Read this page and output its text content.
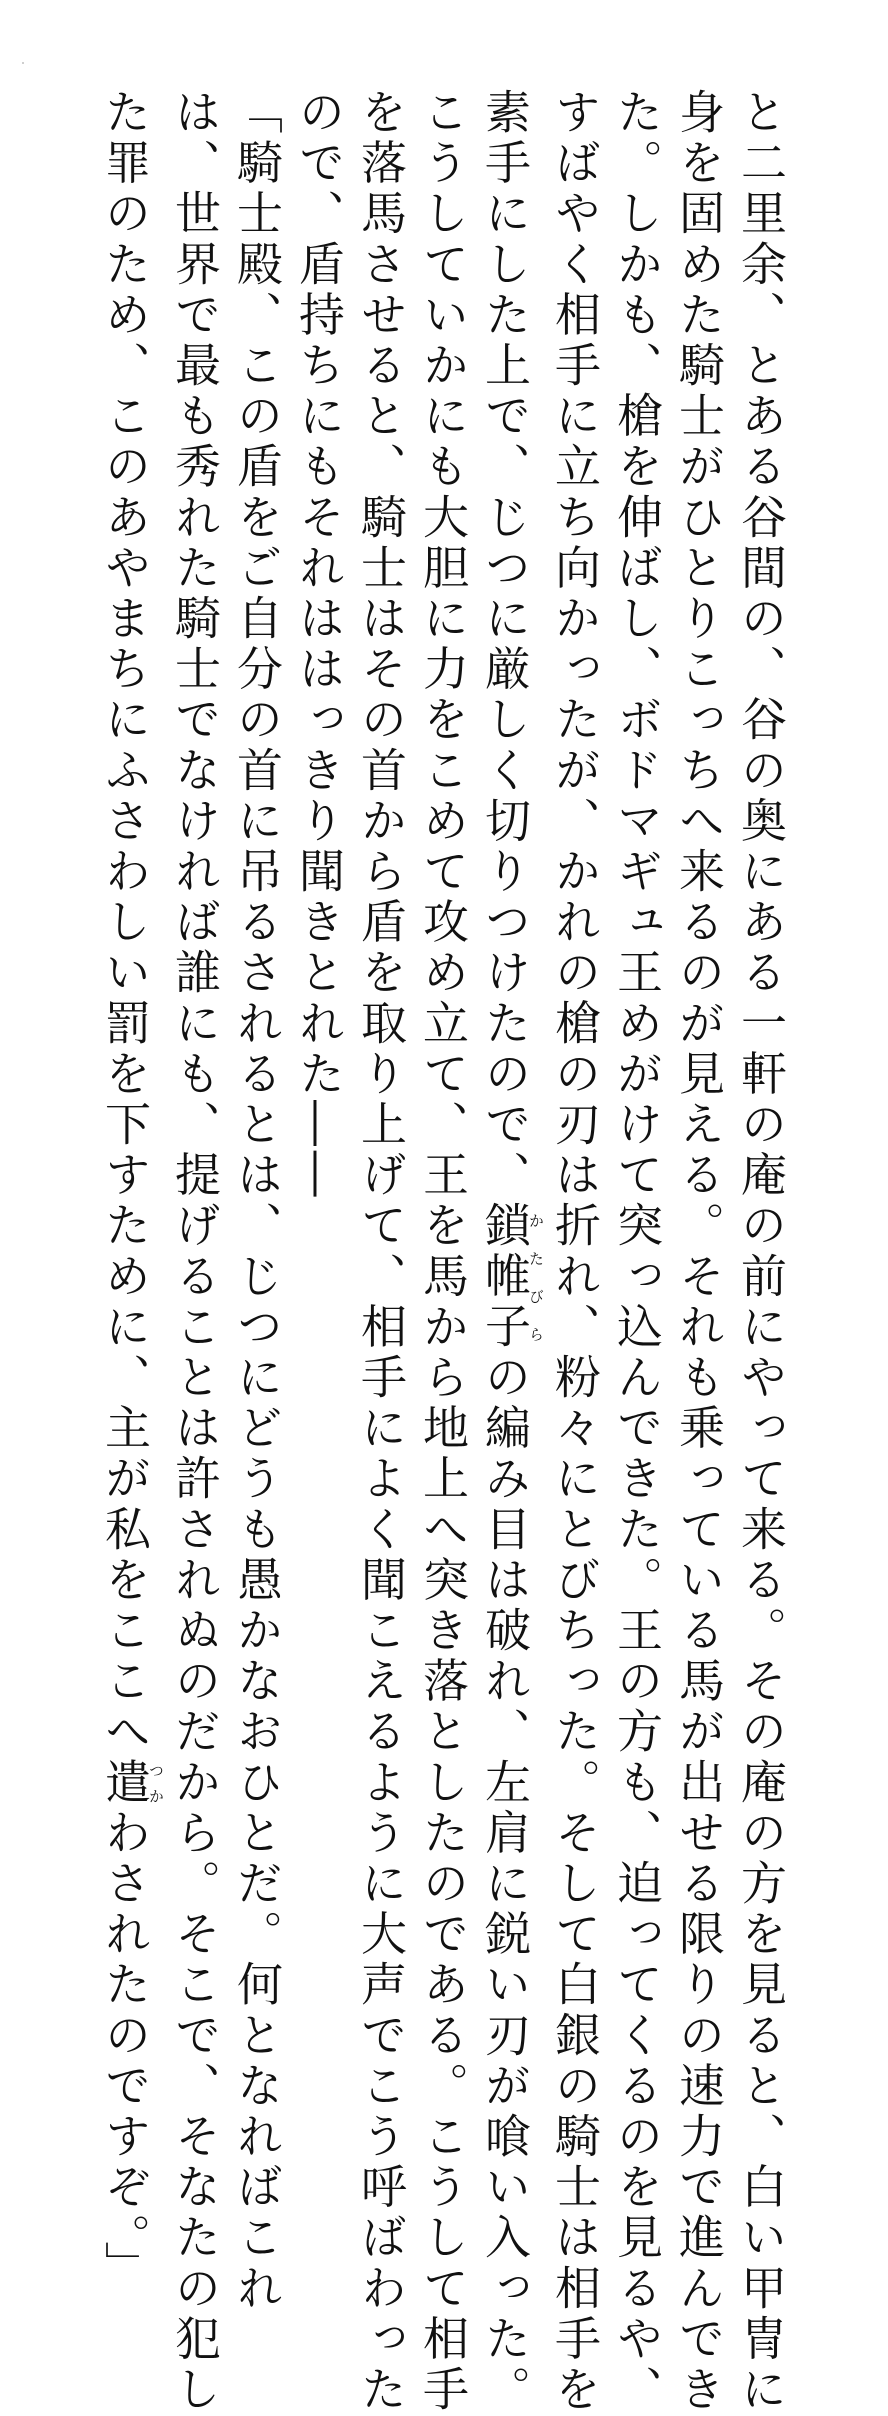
と二里余、とある谷間の、谷の奥にある一軒の庵の前にやって来る。その庵の方を見ると、白い甲冑に
身を固めた騎士がひとりこっちへ来るのが見える。それも乗っている馬が出せる限りの速力で進んでき
た。しかも、槍を伸ばし、ボドマギュ王めがけて突っ込んできた。王の方も、迫ってくるのを見るや、
すばやく相手に立ち向かったが、かれの槍の刃は折れ、粉々にとびちった。そして白銀の騎士は相手を
素手にした上で、じつに厳しく切りつけたので、鎖帷子かたびらの編み目は破れ、左肩に鋭い刃が喰い入った。
こうしていかにも大胆に力をこめて攻め立て、王を馬から地上へ突き落としたのである。こうして相手
を落馬させると、騎士はその首から盾を取り上げて、相手によく聞こえるように大声でこう呼ばわった
ので、盾持ちにもそれははっきり聞きとれた――
「騎士殿、この盾をご自分の首に吊るされるとは、じつにどうも愚かなおひとだ。何となればこれ
は、世界で最も秀れた騎士でなければ誰にも、提げることは許されぬのだから。そこで、そなたの犯し
た罪のため、このあやまちにふさわしい罰を下すために、主が私をここへ遣つかわされたのですぞ。」
